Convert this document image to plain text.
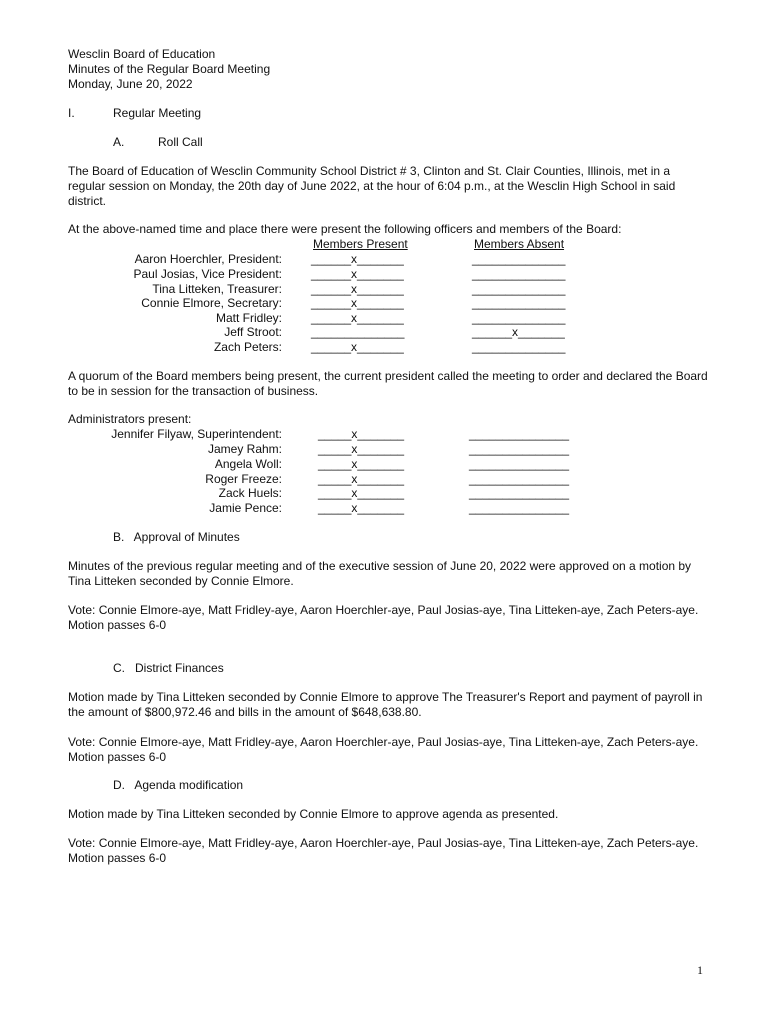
Wesclin Board of Education
Minutes of the Regular Board Meeting
Monday, June 20, 2022
I.	Regular Meeting
A.	Roll Call
The Board of Education of Wesclin Community School District # 3, Clinton and St. Clair Counties, Illinois, met in a regular session on Monday, the 20th day of June 2022, at the hour of 6:04 p.m., at the Wesclin High School in said district.
At the above-named time and place there were present the following officers and members of the Board:
Members Present	Members Absent
Aaron Hoerchler, President: ______x_______	______________
Paul Josias, Vice President: ______x_______	______________
Tina Litteken, Treasurer: ______x_______	______________
Connie Elmore, Secretary: ______x_______	______________
Matt Fridley: ______x_______	______________
Jeff Stroot: ______________	______x_______
Zach Peters: ______x_______	______________
A quorum of the Board members being present, the current president called the meeting to order and declared the Board to be in session for the transaction of business.
Administrators present:
Jennifer Filyaw, Superintendent:	_____x_______	_______________
Jamey Rahm:	_____x_______	_______________
Angela Woll:	_____x_______	_______________
Roger Freeze:	_____x_______	_______________
Zack Huels:	_____x_______	_______________
Jamie Pence:	_____x_______	_______________
B.   Approval of Minutes
Minutes of the previous regular meeting and of the executive session of June 20, 2022 were approved on a motion by Tina Litteken seconded by Connie Elmore.
Vote: Connie Elmore-aye, Matt Fridley-aye, Aaron Hoerchler-aye, Paul Josias-aye, Tina Litteken-aye, Zach Peters-aye. Motion passes 6-0
C.   District Finances
Motion made by Tina Litteken seconded by Connie Elmore to approve The Treasurer's Report and payment of payroll in the amount of $800,972.46 and bills in the amount of $648,638.80.
Vote: Connie Elmore-aye, Matt Fridley-aye, Aaron Hoerchler-aye, Paul Josias-aye, Tina Litteken-aye, Zach Peters-aye. Motion passes 6-0
D.   Agenda modification
Motion made by Tina Litteken seconded by Connie Elmore to approve agenda as presented.
Vote: Connie Elmore-aye, Matt Fridley-aye, Aaron Hoerchler-aye, Paul Josias-aye, Tina Litteken-aye, Zach Peters-aye. Motion passes 6-0
1
